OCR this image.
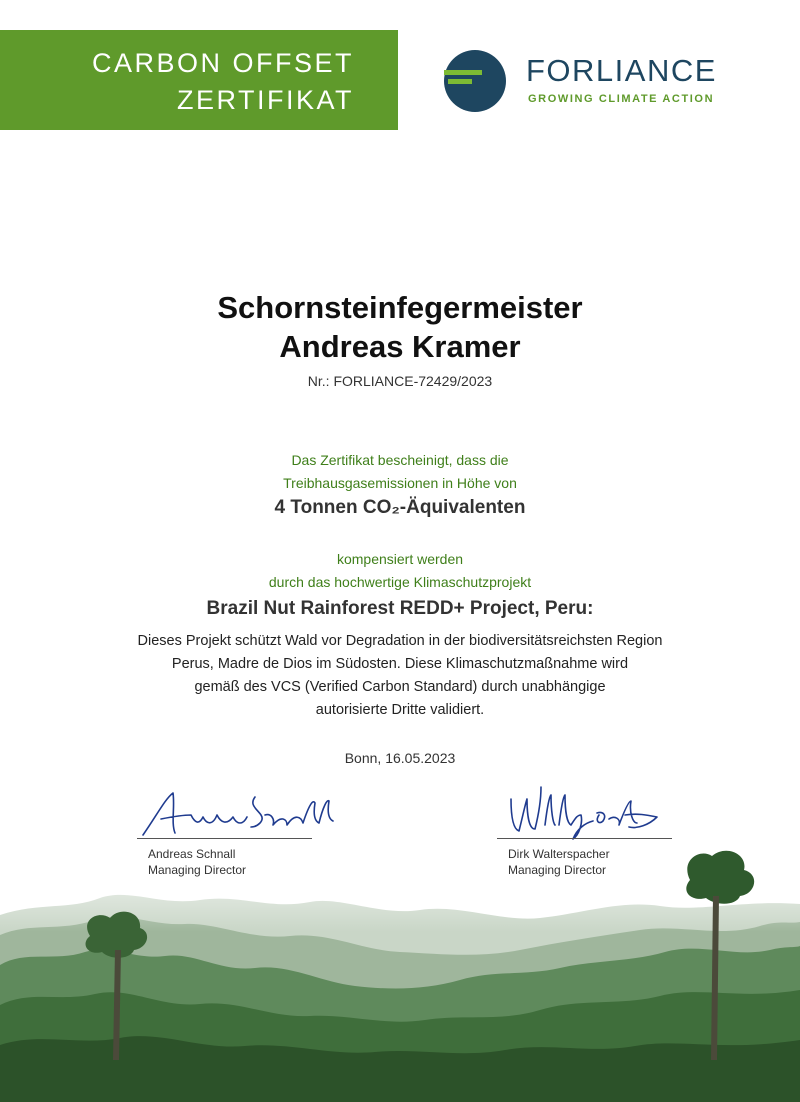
CARBON OFFSET
ZERTIFIKAT
FORLIANCE
GROWING CLIMATE ACTION
Schornsteinfegermeister
Andreas Kramer
Nr.: FORLIANCE-72429/2023
Das Zertifikat bescheinigt, dass die
Treibhausgasemissionen in Höhe von
4 Tonnen CO₂-Äquivalenten
kompensiert werden
durch das hochwertige Klimaschutzprojekt
Brazil Nut Rainforest REDD+ Project, Peru:
Dieses Projekt schützt Wald vor Degradation in der biodiversitätsreichsten Region
Perus, Madre de Dios im Südosten. Diese Klimaschutzmaßnahme wird
gemäß des VCS (Verified Carbon Standard) durch unabhängige
autorisierte Dritte validiert.
Bonn, 16.05.2023
Andreas Schnall
Managing Director
Dirk Walterspacher
Managing Director
